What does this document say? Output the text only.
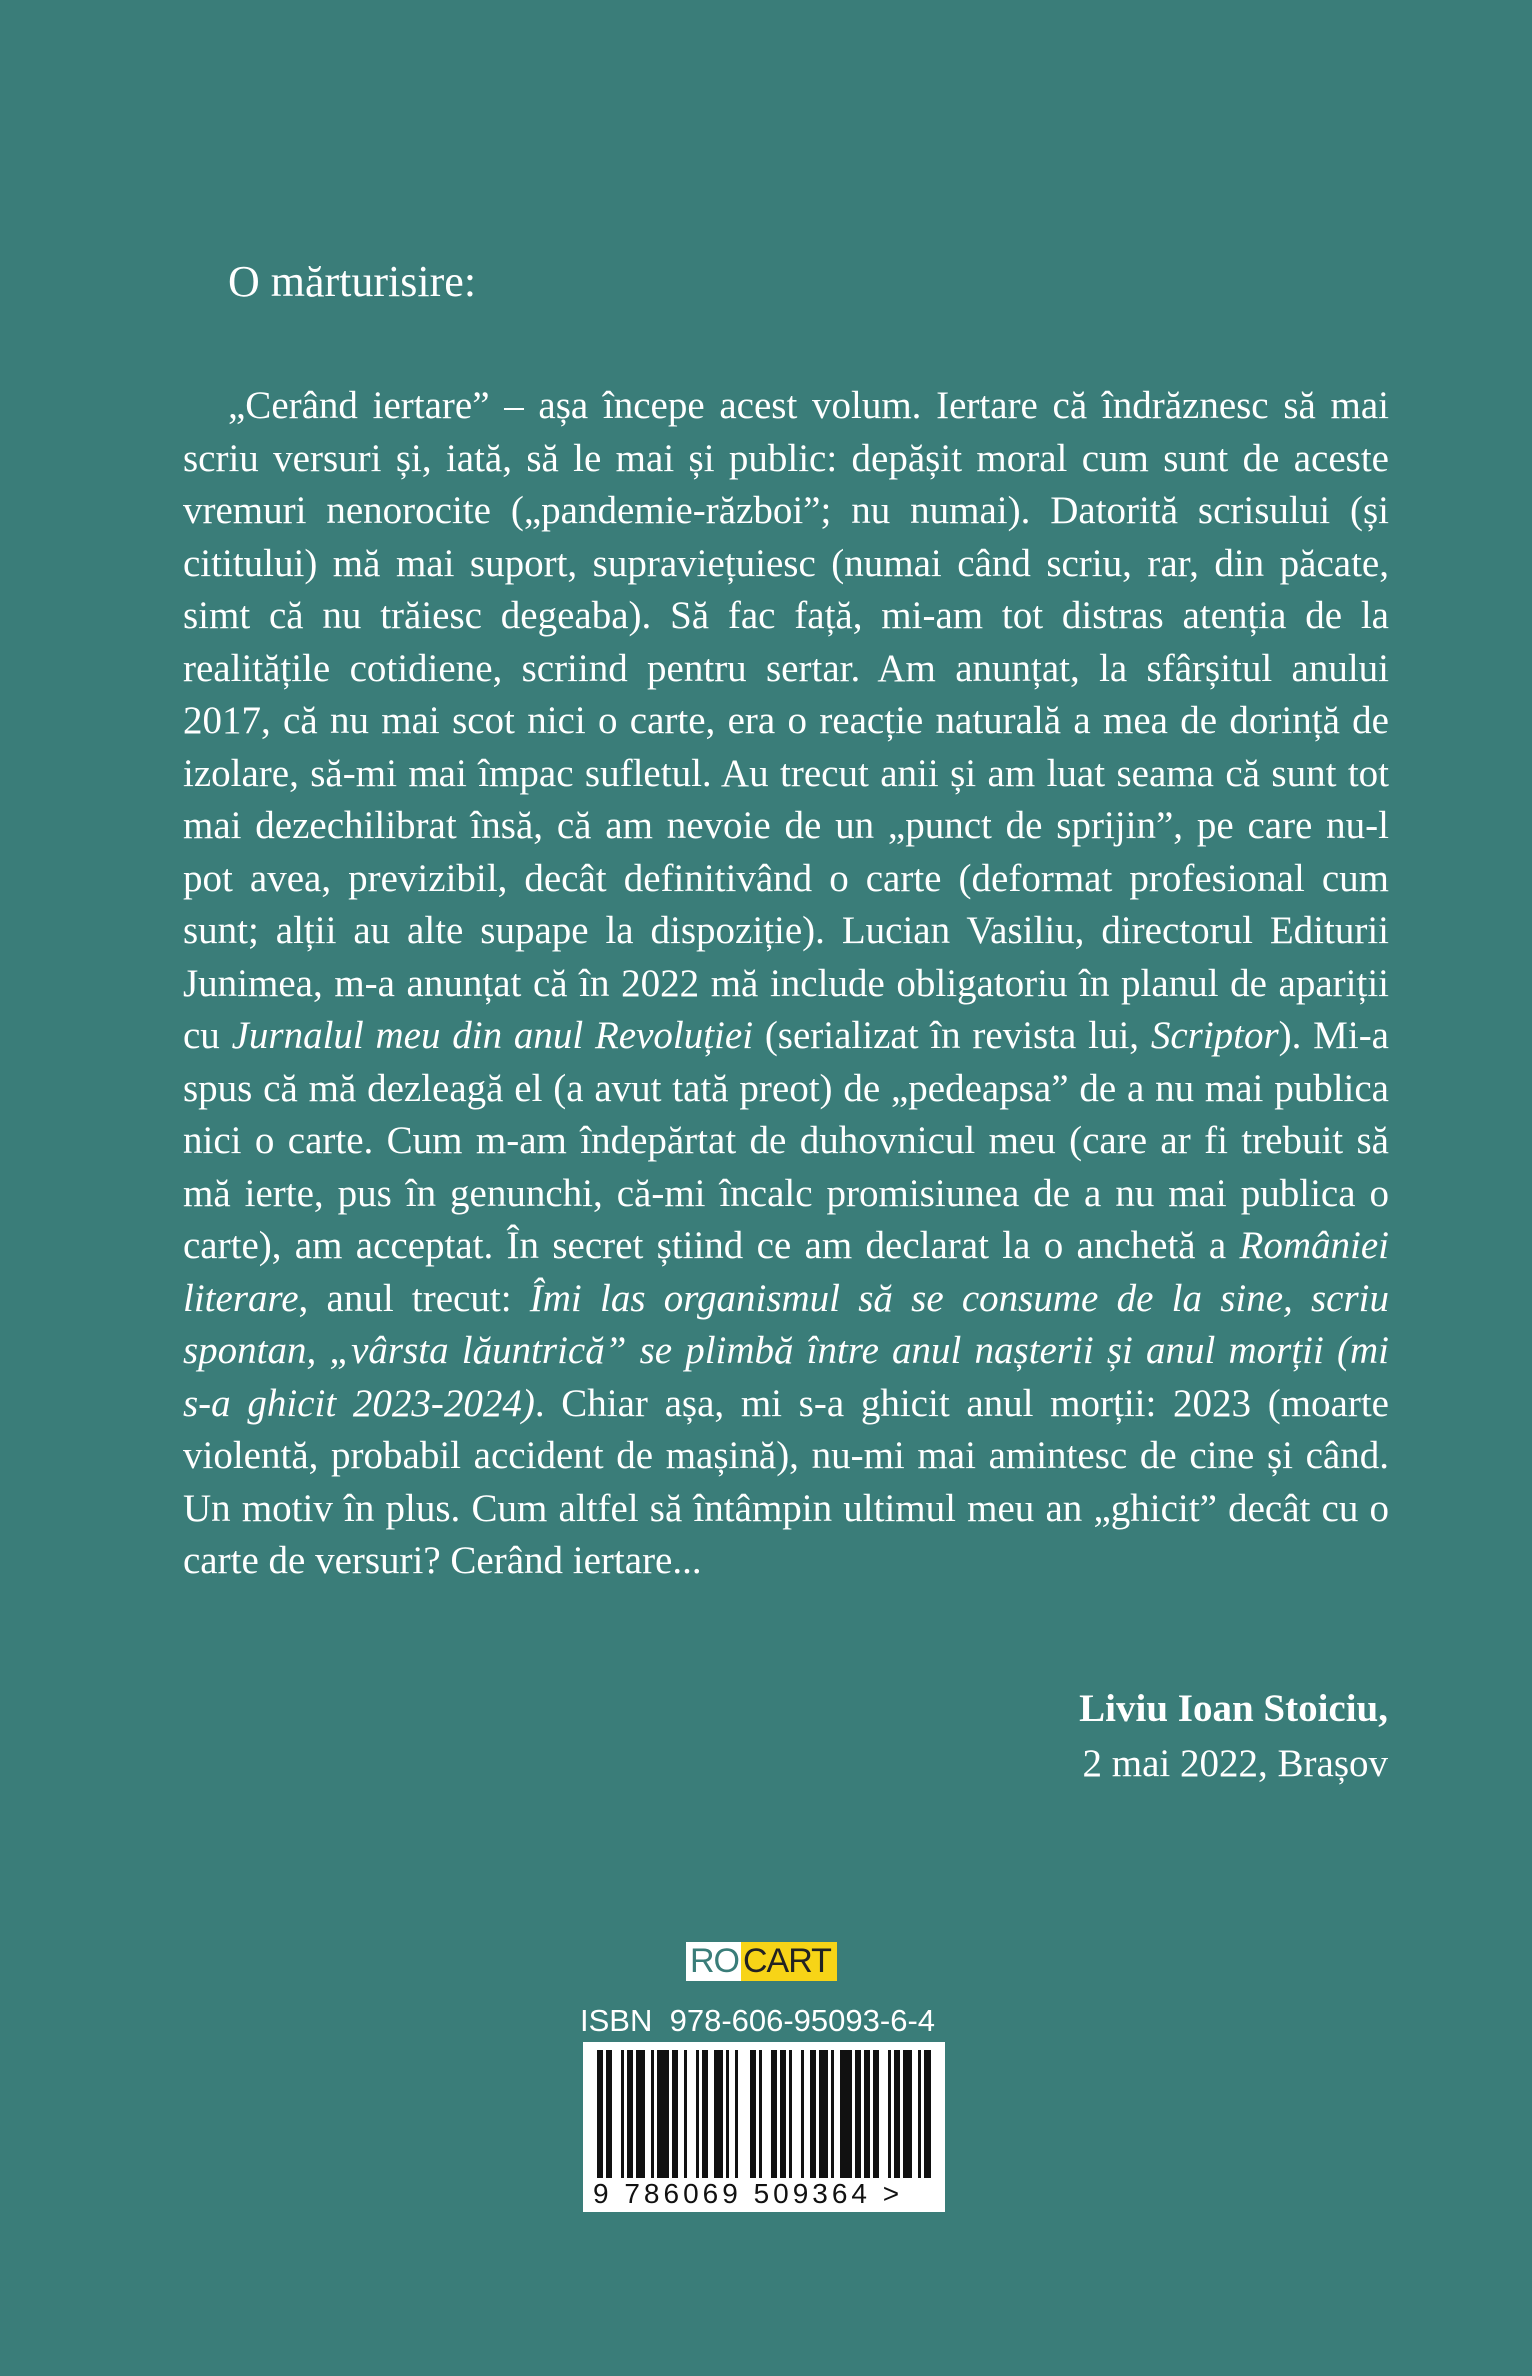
O mărturisire:

„Cerând iertare” – așa începe acest volum. Iertare că îndrăznesc să mai scriu versuri și, iată, să le mai și public: depășit moral cum sunt de aceste vremuri nenorocite („pandemie-război”; nu numai). Datorită scrisului (și cititului) mă mai suport, supraviețuiesc (numai când scriu, rar, din păcate, simt că nu trăiesc degeaba). Să fac față, mi-am tot distras atenția de la realitățile cotidiene, scriind pentru sertar. Am anunțat, la sfârșitul anului 2017, că nu mai scot nici o carte, era o reacție naturală a mea de dorință de izolare, să-mi mai împac sufletul. Au trecut anii și am luat seama că sunt tot mai dezechilibrat însă, că am nevoie de un „punct de sprijin”, pe care nu-l pot avea, previzibil, decât definitivând o carte (deformat profesional cum sunt; alții au alte supape la dispoziție). Lucian Vasiliu, directorul Editurii Junimea, m-a anunțat că în 2022 mă include obligatoriu în planul de apariții cu Jurnalul meu din anul Revoluției (serializat în revista lui, Scriptor). Mi-a spus că mă dezleagă el (a avut tată preot) de „pedeapsa” de a nu mai publica nici o carte. Cum m-am îndepărtat de duhovnicul meu (care ar fi trebuit să mă ierte, pus în genunchi, că-mi încalc promisiunea de a nu mai publica o carte), am acceptat. În secret știind ce am declarat la o anchetă a României literare, anul trecut: Îmi las organismul să se consume de la sine, scriu spontan, „vârsta lăuntrică” se plimbă între anul nașterii și anul morții (mi s-a ghicit 2023-2024). Chiar așa, mi s-a ghicit anul morții: 2023 (moarte violentă, probabil accident de mașină), nu-mi mai amintesc de cine și când. Un motiv în plus. Cum altfel să întâmpin ultimul meu an „ghicit” decât cu o carte de versuri? Cerând iertare...

Liviu Ioan Stoiciu,
2 mai 2022, Brașov
RO CART
ISBN 978-606-95093-6-4
9 786069 509364 >
